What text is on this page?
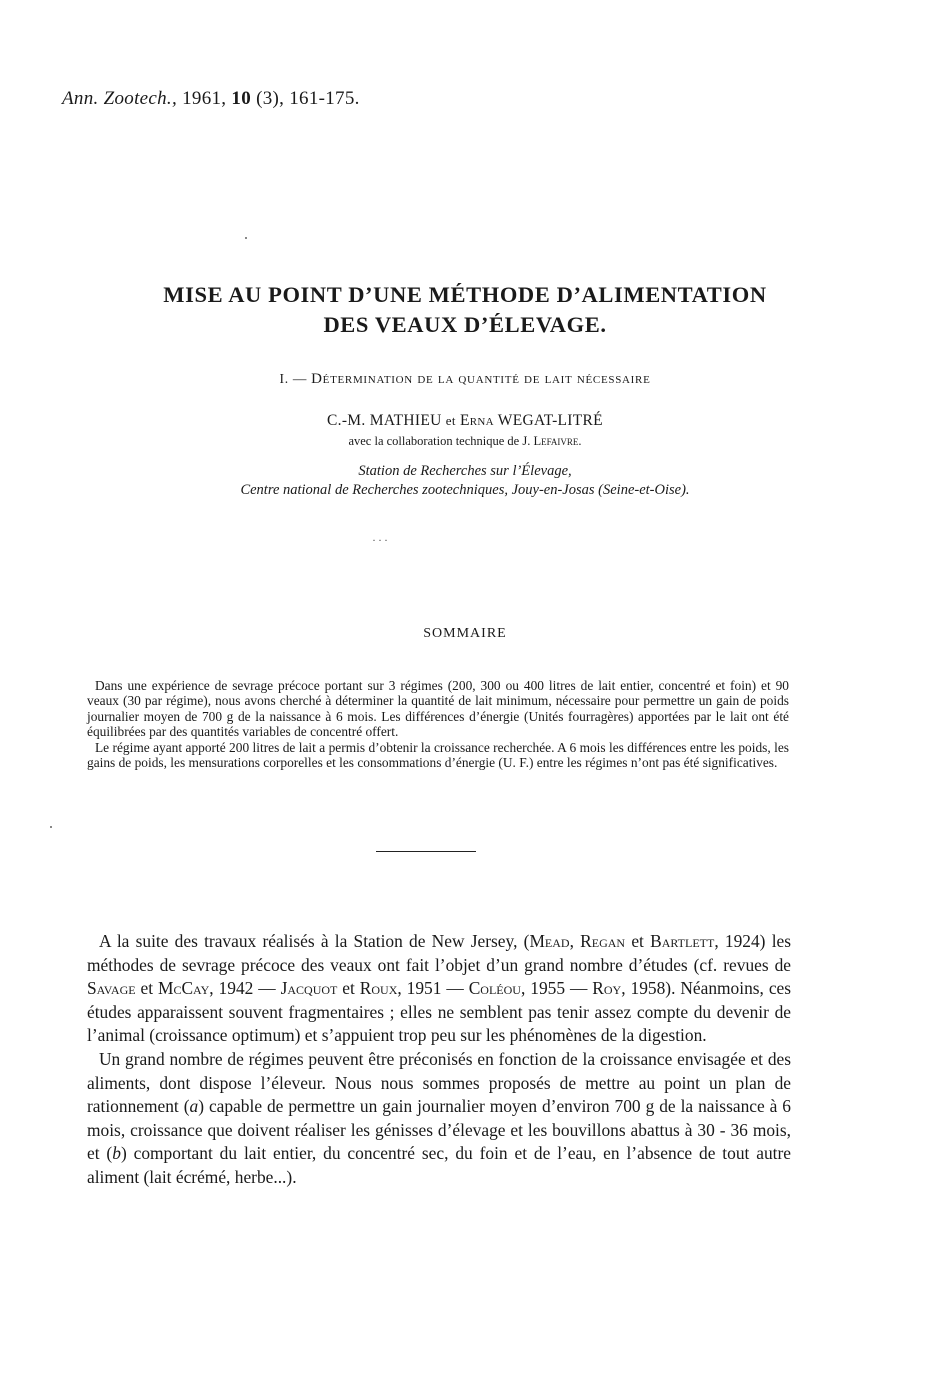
Ann. Zootech., 1961, 10 (3), 161-175.
MISE AU POINT D’UNE MÉTHODE D’ALIMENTATION
DES VEAUX D’ÉLEVAGE.
I. — Détermination de la quantité de lait nécessaire
C.-M. MATHIEU et Erna WEGAT-LITRÉ
avec la collaboration technique de J. Lefaivre.
Station de Recherches sur l’Élevage,
Centre national de Recherches zootechniques, Jouy-en-Josas (Seine-et-Oise).
. . .
SOMMAIRE

Dans une expérience de sevrage précoce portant sur 3 régimes (200, 300 ou 400 litres de lait entier, concentré et foin) et 90 veaux (30 par régime), nous avons cherché à déterminer la quantité de lait minimum, nécessaire pour permettre un gain de poids journalier moyen de 700 g de la naissance à 6 mois. Les différences d’énergie (Unités fourragères) apportées par le lait ont été équilibrées par des quantités variables de concentré offert.

Le régime ayant apporté 200 litres de lait a permis d’obtenir la croissance recherchée. A 6 mois les différences entre les poids, les gains de poids, les mensurations corporelles et les consommations d’énergie (U. F.) entre les régimes n’ont pas été significatives.

A la suite des travaux réalisés à la Station de New Jersey, (Mead, Regan et Bartlett, 1924) les méthodes de sevrage précoce des veaux ont fait l’objet d’un grand nombre d’études (cf. revues de Savage et McCay, 1942 — Jacquot et Roux, 1951 — Coléou, 1955 — Roy, 1958). Néanmoins, ces études apparaissent souvent fragmentaires ; elles ne semblent pas tenir assez compte du devenir de l’animal (croissance optimum) et s’appuient trop peu sur les phénomènes de la digestion.

Un grand nombre de régimes peuvent être préconisés en fonction de la croissance envisagée et des aliments, dont dispose l’éleveur. Nous nous sommes proposés de mettre au point un plan de rationnement (a) capable de permettre un gain journalier moyen d’environ 700 g de la naissance à 6 mois, croissance que doivent réaliser les génisses d’élevage et les bouvillons abattus à 30 - 36 mois, et (b) comportant du lait entier, du concentré sec, du foin et de l’eau, en l’absence de tout autre aliment (lait écrémé, herbe...).
